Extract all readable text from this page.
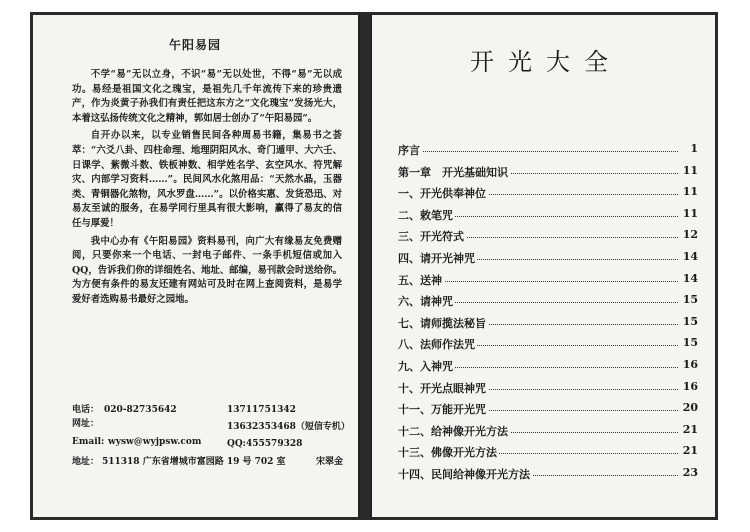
午阳易园

不学“易”无以立身，不识“易”无以处世，不得“易”无以成功。易经是祖国文化之瑰宝，是祖先几千年流传下来的珍贵遗产，作为炎黄子孙我们有责任把这东方之“文化瑰宝”发扬光大，本着这弘扬传统文化之精神，郭如居士创办了“午阳易园”。

自开办以来，以专业销售民间各种周易书籍，集易书之荟萃：“六爻八卦、四柱命理、地理阴阳风水、奇门遁甲、大六壬、日课学、紫微斗数、铁板神数、相学姓名学、玄空风水、符咒解灾、内部学习资料……”。民间风水化煞用品：“天然水晶，玉器类、青铜器化煞物，风水罗盘……”。以价格实惠、发货恐迅、对易友至诚的服务，在易学同行里具有很大影响，赢得了易友的信任与厚爱！

我中心办有《午阳易园》资料易刊，向广大有缘易友免费赠阅，只要你来一个电话、一封电子邮件、一条手机短信或加入QQ，告诉我们你的详细姓名、地址、邮编，易刊款会时送给你。为方便有条件的易友还建有网站可及时在网上查阅资料，是易学爱好者选购易书最好之园地。

电话： 020-82735642	13711751342
网址：	13632353468（短信专机）
Email: wysw@wyjpsw.com	QQ:455579328
地址： 511318 广东省增城市富园路 19 号 702 室	宋翠金
开光大全
序言	1
第一章　开光基础知识	11
一、开光供奉神位	11
二、敕笔咒	11
三、开光符式	12
四、请开光神咒	14
五、送神	14
六、请神咒	15
七、请师揽法秘旨	15
八、法师作法咒	15
九、入神咒	16
十、开光点眼神咒	16
十一、万能开光咒	20
十二、给神像开光方法	21
十三、佛像开光方法	21
十四、民间给神像开光方法	23
